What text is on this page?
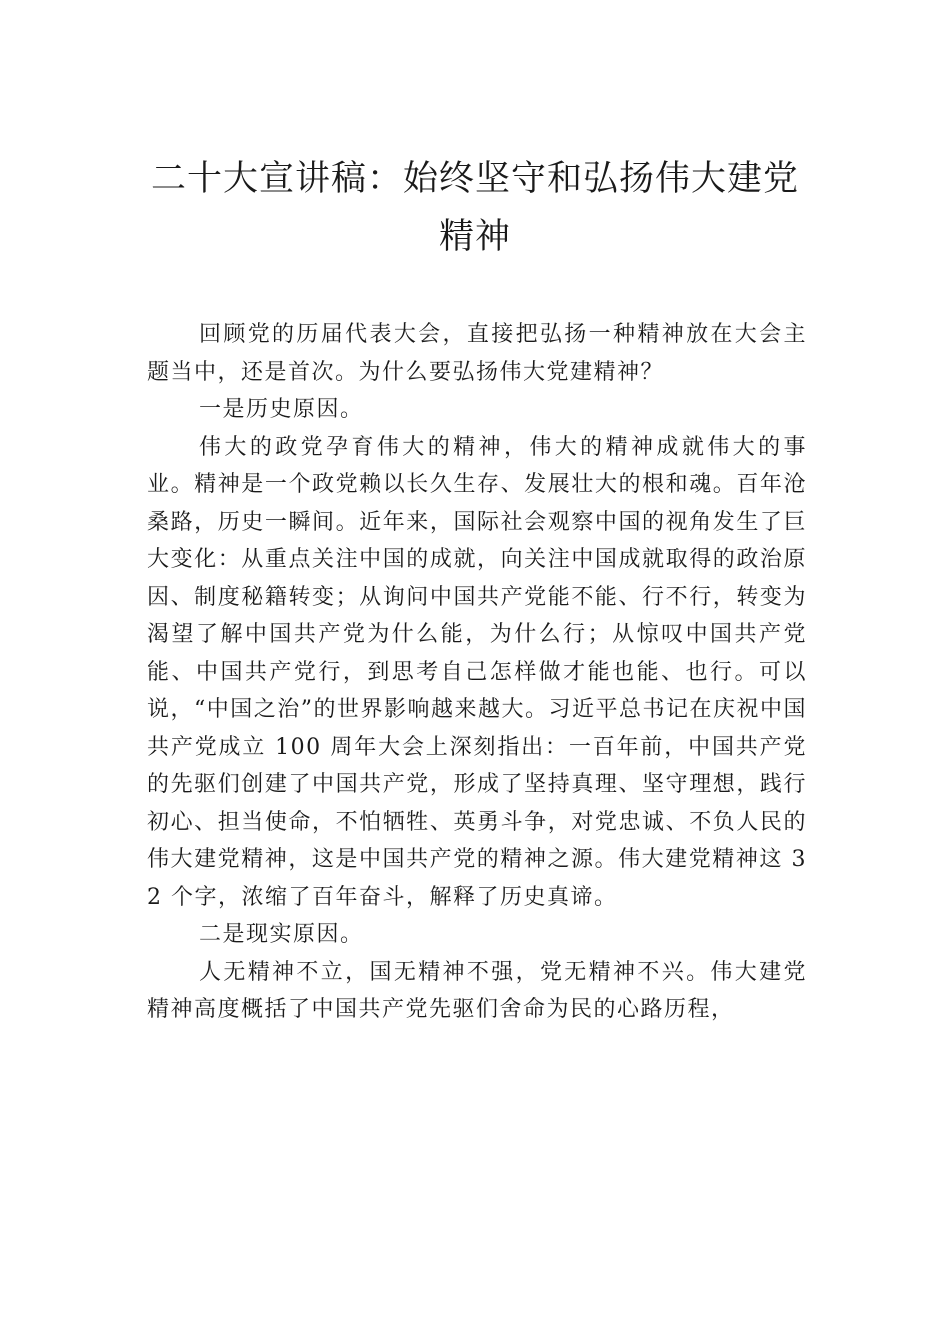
二十大宣讲稿：始终坚守和弘扬伟大建党
精神

回顾党的历届代表大会，直接把弘扬一种精神放在大会主题当中，还是首次。为什么要弘扬伟大党建精神？

一是历史原因。

伟大的政党孕育伟大的精神，伟大的精神成就伟大的事业。精神是一个政党赖以长久生存、发展壮大的根和魂。百年沧桑路，历史一瞬间。近年来，国际社会观察中国的视角发生了巨大变化：从重点关注中国的成就，向关注中国成就取得的政治原因、制度秘籍转变；从询问中国共产党能不能、行不行，转变为渴望了解中国共产党为什么能，为什么行；从惊叹中国共产党能、中国共产党行，到思考自己怎样做才能也能、也行。可以说，“中国之治”的世界影响越来越大。习近平总书记在庆祝中国共产党成立 100 周年大会上深刻指出：一百年前，中国共产党的先驱们创建了中国共产党，形成了坚持真理、坚守理想，践行初心、担当使命，不怕牺牲、英勇斗争，对党忠诚、不负人民的伟大建党精神，这是中国共产党的精神之源。伟大建党精神这 32 个字，浓缩了百年奋斗，解释了历史真谛。

二是现实原因。

人无精神不立，国无精神不强，党无精神不兴。伟大建党精神高度概括了中国共产党先驱们舍命为民的心路历程，
